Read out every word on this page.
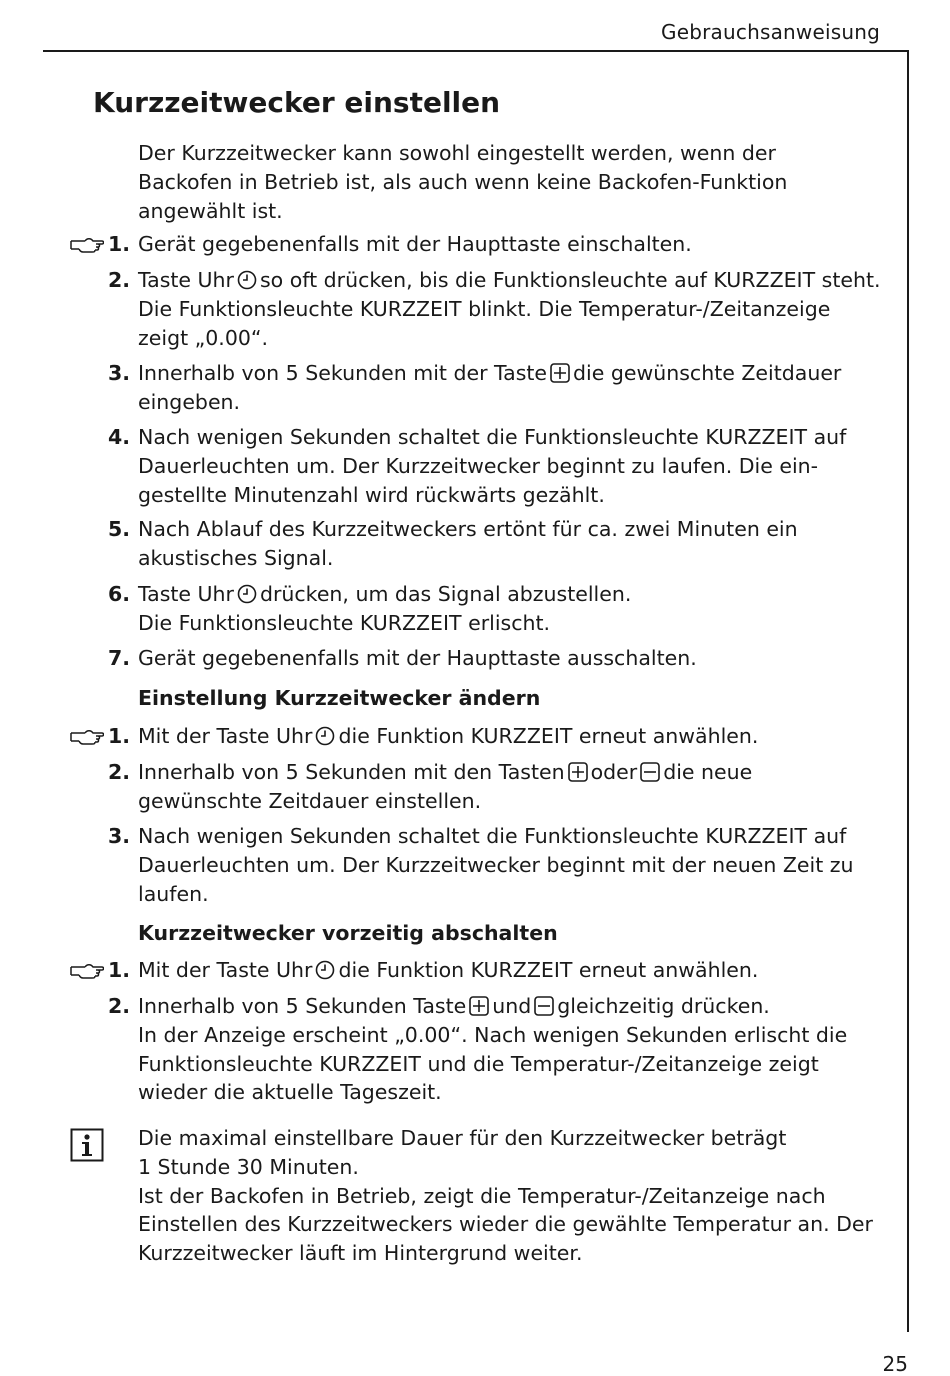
Gebrauchsanweisung
Kurzzeitwecker einstellen

Der Kurzzeitwecker kann sowohl eingestellt werden, wenn der

Backofen in Betrieb ist, als auch wenn keine Backofen-Funktion

angewählt ist.

1. Gerät gegebenenfalls mit der Haupttaste einschalten.
2. Taste Uhr so oft drücken, bis die Funktionsleuchte auf KURZZEIT steht.
Die Funktionsleuchte KURZZEIT blinkt. Die Temperatur-/Zeitanzeige
zeigt „0.00“.
3. Innerhalb von 5 Sekunden mit der Taste die gewünschte Zeitdauer
eingeben.
4. Nach wenigen Sekunden schaltet die Funktionsleuchte KURZZEIT auf
Dauerleuchten um. Der Kurzzeitwecker beginnt zu laufen. Die ein-
gestellte Minutenzahl wird rückwärts gezählt.
5. Nach Ablauf des Kurzzeitweckers ertönt für ca. zwei Minuten ein
akustisches Signal.
6. Taste Uhr drücken, um das Signal abzustellen.
Die Funktionsleuchte KURZZEIT erlischt.
7. Gerät gegebenenfalls mit der Haupttaste ausschalten.
Einstellung Kurzzeitwecker ändern
1. Mit der Taste Uhr die Funktion KURZZEIT erneut anwählen.
2. Innerhalb von 5 Sekunden mit den Tasten oder die neue
gewünschte Zeitdauer einstellen.
3. Nach wenigen Sekunden schaltet die Funktionsleuchte KURZZEIT auf
Dauerleuchten um. Der Kurzzeitwecker beginnt mit der neuen Zeit zu
laufen.
Kurzzeitwecker vorzeitig abschalten
1. Mit der Taste Uhr die Funktion KURZZEIT erneut anwählen.
2. Innerhalb von 5 Sekunden Taste und gleichzeitig drücken.
In der Anzeige erscheint „0.00“. Nach wenigen Sekunden erlischt die
Funktionsleuchte KURZZEIT und die Temperatur-/Zeitanzeige zeigt
wieder die aktuelle Tageszeit.

Die maximal einstellbare Dauer für den Kurzzeitwecker beträgt

1 Stunde 30 Minuten.

Ist der Backofen in Betrieb, zeigt die Temperatur-/Zeitanzeige nach

Einstellen des Kurzzeitweckers wieder die gewählte Temperatur an. Der

Kurzzeitwecker läuft im Hintergrund weiter.

25
